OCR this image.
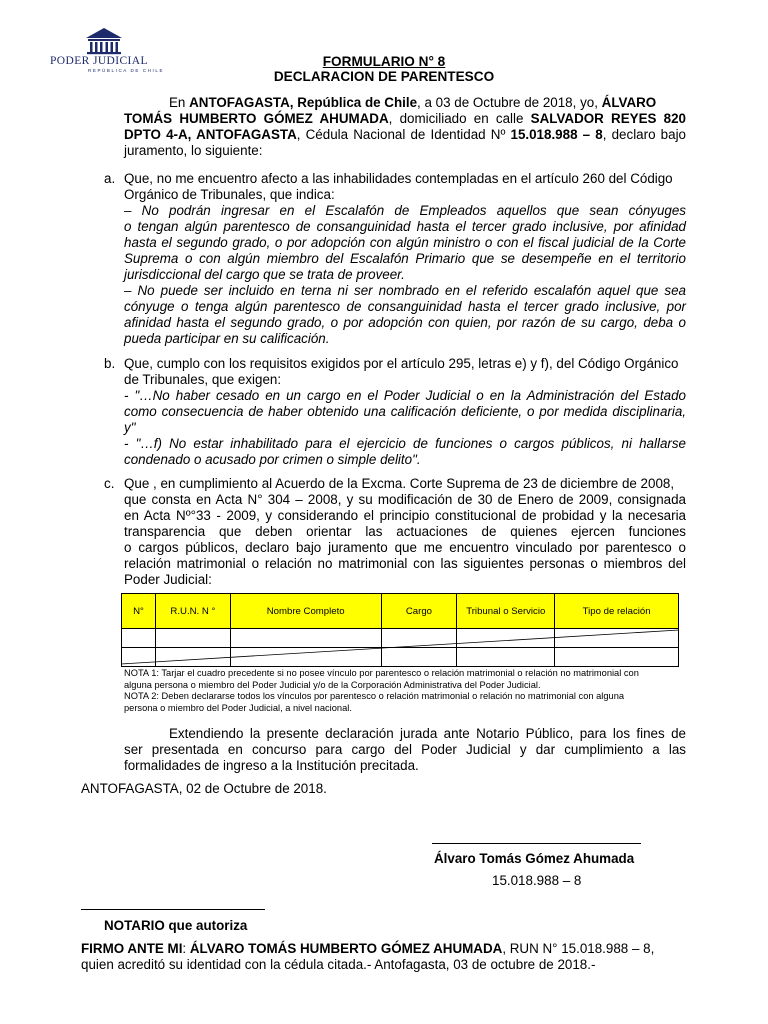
PODER JUDICIAL
REPÚBLICA DE CHILE
FORMULARIO N° 8
DECLARACION DE PARENTESCO
En ANTOFAGASTA, República de Chile, a 03 de Octubre de 2018, yo, ÁLVARO
TOMÁS HUMBERTO GÓMEZ AHUMADA, domiciliado en calle SALVADOR REYES 820
DPTO 4-A, ANTOFAGASTA, Cédula Nacional de Identidad Nº 15.018.988 – 8, declaro bajo
juramento, lo siguiente:
a. Que, no me encuentro afecto a las inhabilidades contempladas en el artículo 260 del Código
Orgánico de Tribunales, que indica:
– No podrán ingresar en el Escalafón de Empleados aquellos que sean cónyuges
o tengan algún parentesco de consanguinidad hasta el tercer grado inclusive, por afinidad
hasta el segundo grado, o por adopción con algún ministro o con el fiscal judicial de la Corte
Suprema o con algún miembro del Escalafón Primario que se desempeñe en el territorio
jurisdiccional del cargo que se trata de proveer.
– No puede ser incluido en terna ni ser nombrado en el referido escalafón aquel que sea
cónyuge o tenga algún parentesco de consanguinidad hasta el tercer grado inclusive, por
afinidad hasta el segundo grado, o por adopción con quien, por razón de su cargo, deba o
pueda participar en su calificación.
b. Que, cumplo con los requisitos exigidos por el artículo 295, letras e) y f), del Código Orgánico
de Tribunales, que exigen:
- "…No haber cesado en un cargo en el Poder Judicial o en la Administración del Estado
como consecuencia de haber obtenido una calificación deficiente, o por medida disciplinaria,
y"
- "…f) No estar inhabilitado para el ejercicio de funciones o cargos públicos, ni hallarse
condenado o acusado por crimen o simple delito".
c. Que , en cumplimiento al Acuerdo de la Excma. Corte Suprema de 23 de diciembre de 2008,
que consta en Acta N° 304 – 2008, y su modificación de 30 de Enero de 2009, consignada
en Acta Nº°33 - 2009, y considerando el principio constitucional de probidad y la necesaria
transparencia que deben orientar las actuaciones de quienes ejercen funciones
o cargos públicos, declaro bajo juramento que me encuentro vinculado por parentesco o
relación matrimonial o relación no matrimonial con las siguientes personas o miembros del
Poder Judicial:
N°	R.U.N. N °	Nombre Completo	Cargo	Tribunal o Servicio	Tipo de relación

NOTA 1: Tarjar el cuadro precedente si no posee vínculo por parentesco o relación matrimonial o relación no matrimonial con
alguna persona o miembro del Poder Judicial y/o de la Corporación Administrativa del Poder Judicial.
NOTA 2: Deben declararse todos los vínculos por parentesco o relación matrimonial o relación no matrimonial con alguna
persona o miembro del Poder Judicial, a nivel nacional.
Extendiendo la presente declaración jurada ante Notario Público, para los fines de
ser presentada en concurso para cargo del Poder Judicial y dar cumplimiento a las
formalidades de ingreso a la Institución precitada.
ANTOFAGASTA, 02 de Octubre de 2018.
Álvaro Tomás Gómez Ahumada
15.018.988 – 8
NOTARIO que autoriza
FIRMO ANTE MI: ÁLVARO TOMÁS HUMBERTO GÓMEZ AHUMADA, RUN N° 15.018.988 – 8,
quien acreditó su identidad con la cédula citada.- Antofagasta, 03 de octubre de 2018.-
